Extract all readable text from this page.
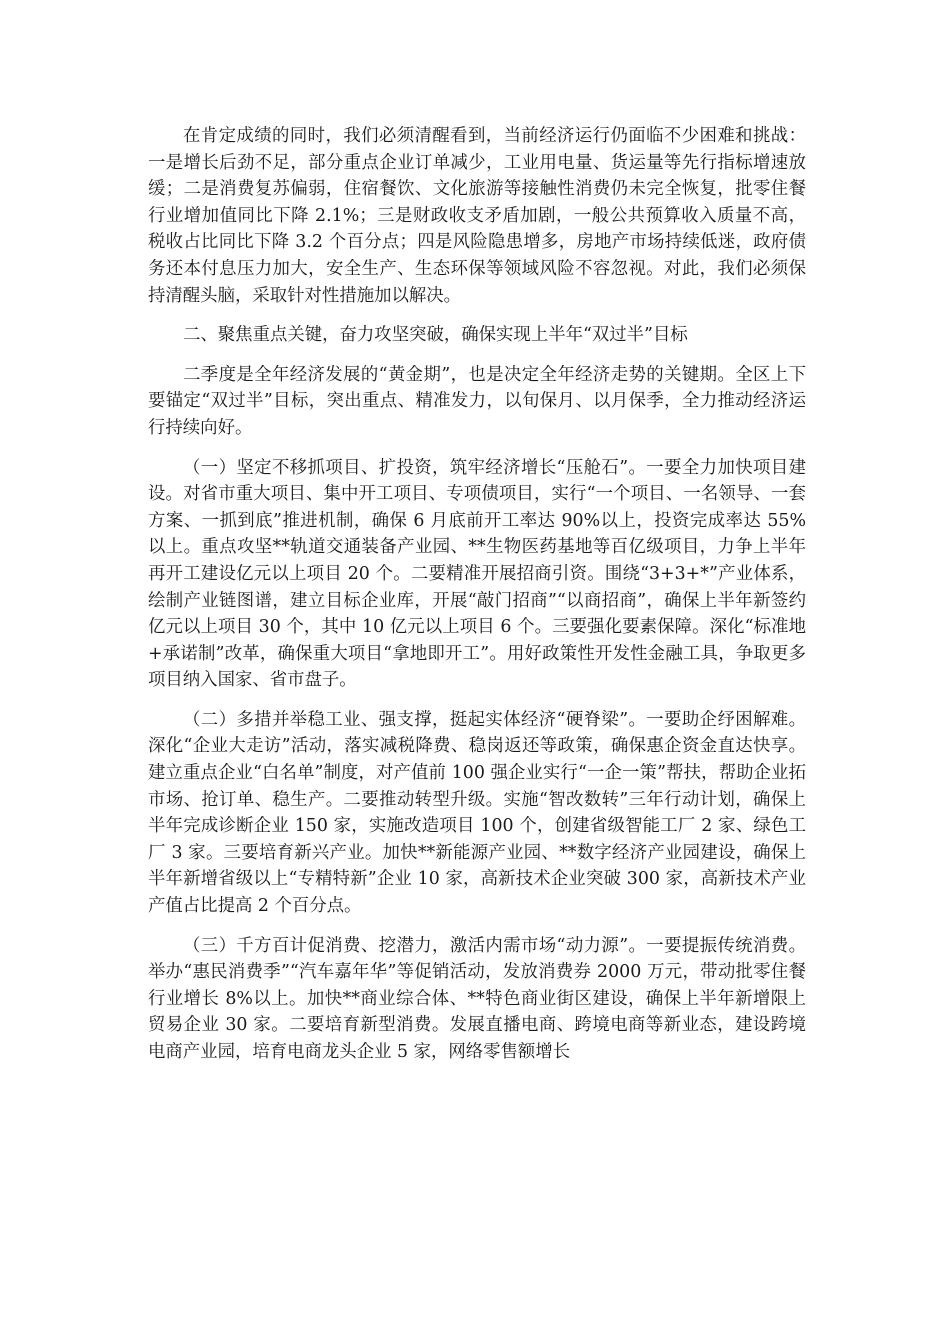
在肯定成绩的同时，我们必须清醒看到，当前经济运行仍面临不少困难和挑战：一是增长后劲不足，部分重点企业订单减少，工业用电量、货运量等先行指标增速放缓；二是消费复苏偏弱，住宿餐饮、文化旅游等接触性消费仍未完全恢复，批零住餐行业增加值同比下降 2.1%；三是财政收支矛盾加剧，一般公共预算收入质量不高，税收占比同比下降 3.2 个百分点；四是风险隐患增多，房地产市场持续低迷，政府债务还本付息压力加大，安全生产、生态环保等领域风险不容忽视。对此，我们必须保持清醒头脑，采取针对性措施加以解决。

二、聚焦重点关键，奋力攻坚突破，确保实现上半年“双过半”目标

二季度是全年经济发展的“黄金期”，也是决定全年经济走势的关键期。全区上下要锚定“双过半”目标，突出重点、精准发力，以旬保月、以月保季，全力推动经济运行持续向好。

（一）坚定不移抓项目、扩投资，筑牢经济增长“压舱石”。一要全力加快项目建设。对省市重大项目、集中开工项目、专项债项目，实行“一个项目、一名领导、一套方案、一抓到底”推进机制，确保 6 月底前开工率达 90%以上，投资完成率达 55%以上。重点攻坚**轨道交通装备产业园、**生物医药基地等百亿级项目，力争上半年再开工建设亿元以上项目 20 个。二要精准开展招商引资。围绕“3+3+*”产业体系，绘制产业链图谱，建立目标企业库，开展“敲门招商”“以商招商”，确保上半年新签约亿元以上项目 30 个，其中 10 亿元以上项目 6 个。三要强化要素保障。深化“标准地+承诺制”改革，确保重大项目“拿地即开工”。用好政策性开发性金融工具，争取更多项目纳入国家、省市盘子。

（二）多措并举稳工业、强支撑，挺起实体经济“硬脊梁”。一要助企纾困解难。深化“企业大走访”活动，落实减税降费、稳岗返还等政策，确保惠企资金直达快享。建立重点企业“白名单”制度，对产值前 100 强企业实行“一企一策”帮扶，帮助企业拓市场、抢订单、稳生产。二要推动转型升级。实施“智改数转”三年行动计划，确保上半年完成诊断企业 150 家，实施改造项目 100 个，创建省级智能工厂 2 家、绿色工厂 3 家。三要培育新兴产业。加快**新能源产业园、**数字经济产业园建设，确保上半年新增省级以上“专精特新”企业 10 家，高新技术企业突破 300 家，高新技术产业产值占比提高 2 个百分点。

（三）千方百计促消费、挖潜力，激活内需市场“动力源”。一要提振传统消费。举办“惠民消费季”“汽车嘉年华”等促销活动，发放消费券 2000 万元，带动批零住餐行业增长 8%以上。加快**商业综合体、**特色商业街区建设，确保上半年新增限上贸易企业 30 家。二要培育新型消费。发展直播电商、跨境电商等新业态，建设跨境电商产业园，培育电商龙头企业 5 家，网络零售额增长
